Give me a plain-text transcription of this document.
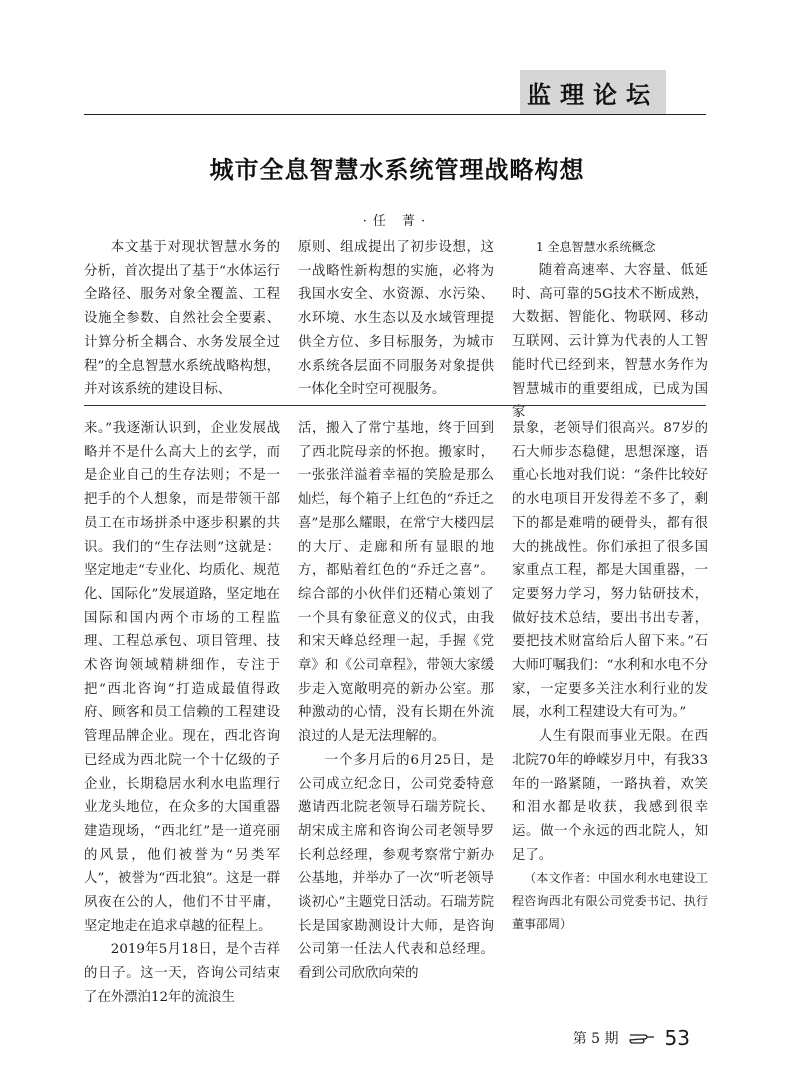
监理论坛
城市全息智慧水系统管理战略构想
·任 菁·

本文基于对现状智慧水务的分析，首次提出了基于“水体运行全路径、服务对象全覆盖、工程设施全参数、自然社会全要素、计算分析全耦合、水务发展全过程”的全息智慧水系统战略构想，并对该系统的建设目标、

原则、组成提出了初步设想，这一战略性新构想的实施，必将为我国水安全、水资源、水污染、水环境、水生态以及水域管理提供全方位、多目标服务，为城市水系统各层面不同服务对象提供一体化全时空可视服务。

1 全息智慧水系统概念

随着高速率、大容量、低延时、高可靠的5G技术不断成熟，大数据、智能化、物联网、移动互联网、云计算为代表的人工智能时代已经到来，智慧水务作为智慧城市的重要组成，已成为国家

来。”我逐渐认识到，企业发展战略并不是什么高大上的玄学，而是企业自己的生存法则；不是一把手的个人想象，而是带领干部员工在市场拼杀中逐步积累的共识。我们的“生存法则”这就是：坚定地走“专业化、均质化、规范化、国际化”发展道路，坚定地在国际和国内两个市场的工程监理、工程总承包、项目管理、技术咨询领域精耕细作，专注于把“西北咨询”打造成最值得政府、顾客和员工信赖的工程建设管理品牌企业。现在，西北咨询已经成为西北院一个十亿级的子企业，长期稳居水利水电监理行业龙头地位，在众多的大国重器建造现场，“西北红”是一道亮丽的风景，他们被誉为“另类军人”，被誉为“西北狼”。这是一群夙夜在公的人，他们不甘平庸，坚定地走在追求卓越的征程上。

2019年5月18日，是个吉祥的日子。这一天，咨询公司结束了在外漂泊12年的流浪生

活，搬入了常宁基地，终于回到了西北院母亲的怀抱。搬家时，一张张洋溢着幸福的笑脸是那么灿烂，每个箱子上红色的“乔迁之喜”是那么耀眼，在常宁大楼四层的大厅、走廊和所有显眼的地方，都贴着红色的“乔迁之喜”。综合部的小伙伴们还精心策划了一个具有象征意义的仪式，由我和宋天峰总经理一起，手握《党章》和《公司章程》，带领大家缓步走入宽敞明亮的新办公室。那种激动的心情，没有长期在外流浪过的人是无法理解的。

一个多月后的6月25日，是公司成立纪念日，公司党委特意邀请西北院老领导石瑞芳院长、胡宋成主席和咨询公司老领导罗长利总经理，参观考察常宁新办公基地，并举办了一次“听老领导谈初心”主题党日活动。石瑞芳院长是国家勘测设计大师，是咨询公司第一任法人代表和总经理。看到公司欣欣向荣的

景象，老领导们很高兴。87岁的石大师步态稳健，思想深邃，语重心长地对我们说：“条件比较好的水电项目开发得差不多了，剩下的都是难啃的硬骨头，都有很大的挑战性。你们承担了很多国家重点工程，都是大国重器，一定要努力学习，努力钻研技术，做好技术总结，要出书出专著，要把技术财富给后人留下来。”石大师叮嘱我们：“水利和水电不分家，一定要多关注水利行业的发展，水利工程建设大有可为。”

人生有限而事业无限。在西北院70年的峥嵘岁月中，有我33年的一路紧随，一路执着，欢笑和泪水都是收获，我感到很幸运。做一个永远的西北院人，知足了。

（本文作者：中国水利水电建设工程咨询西北有限公司党委书记、执行董事邵周）

第 5 期 53
